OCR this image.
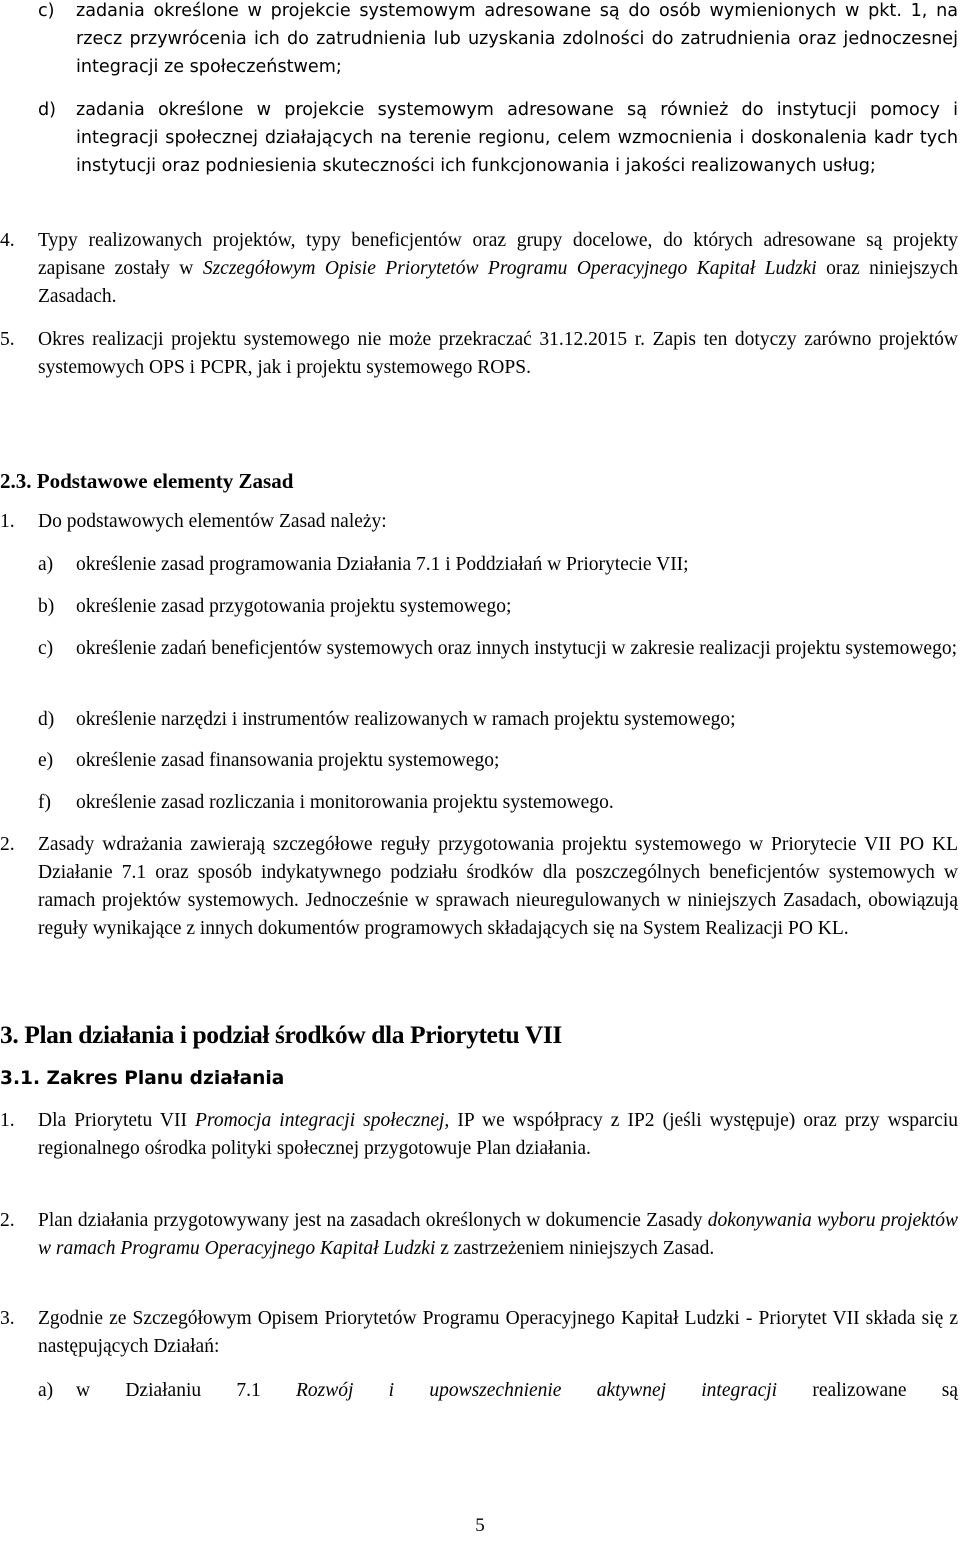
c) zadania określone w projekcie systemowym adresowane są do osób wymienionych w pkt. 1, na rzecz przywrócenia ich do zatrudnienia lub uzyskania zdolności do zatrudnienia oraz jednoczesnej integracji ze społeczeństwem;
d) zadania określone w projekcie systemowym adresowane są również do instytucji pomocy i integracji społecznej działających na terenie regionu, celem wzmocnienia i doskonalenia kadr tych instytucji oraz podniesienia skuteczności ich funkcjonowania i jakości realizowanych usług;
4. Typy realizowanych projektów, typy beneficjentów oraz grupy docelowe, do których adresowane są projekty zapisane zostały w Szczegółowym Opisie Priorytetów Programu Operacyjnego Kapitał Ludzki oraz niniejszych Zasadach.
5. Okres realizacji projektu systemowego nie może przekraczać 31.12.2015 r. Zapis ten dotyczy zarówno projektów systemowych OPS i PCPR, jak i projektu systemowego ROPS.
2.3. Podstawowe elementy Zasad
1. Do podstawowych elementów Zasad należy:
a) określenie zasad programowania Działania 7.1 i Poddziałań w Priorytecie VII;
b) określenie zasad przygotowania projektu systemowego;
c) określenie zadań beneficjentów systemowych oraz innych instytucji w zakresie realizacji projektu systemowego;
d) określenie narzędzi i instrumentów realizowanych w ramach projektu systemowego;
e) określenie zasad finansowania projektu systemowego;
f) określenie zasad rozliczania i monitorowania projektu systemowego.
2. Zasady wdrażania zawierają szczegółowe reguły przygotowania projektu systemowego w Priorytecie VII PO KL Działanie 7.1 oraz sposób indykatywnego podziału środków dla poszczególnych beneficjentów systemowych w ramach projektów systemowych. Jednocześnie w sprawach nieuregulowanych w niniejszych Zasadach, obowiązują reguły wynikające z innych dokumentów programowych składających się na System Realizacji PO KL.
3. Plan działania i podział środków dla Priorytetu VII
3.1. Zakres Planu działania
1. Dla Priorytetu VII Promocja integracji społecznej, IP we współpracy z IP2 (jeśli występuje) oraz przy wsparciu regionalnego ośrodka polityki społecznej przygotowuje Plan działania.
2. Plan działania przygotowywany jest na zasadach określonych w dokumencie Zasady dokonywania wyboru projektów w ramach Programu Operacyjnego Kapitał Ludzki z zastrzeżeniem niniejszych Zasad.
3. Zgodnie ze Szczegółowym Opisem Priorytetów Programu Operacyjnego Kapitał Ludzki - Priorytet VII składa się z następujących Działań:
a) w Działaniu 7.1 Rozwój i upowszechnienie aktywnej integracji realizowane są
5
